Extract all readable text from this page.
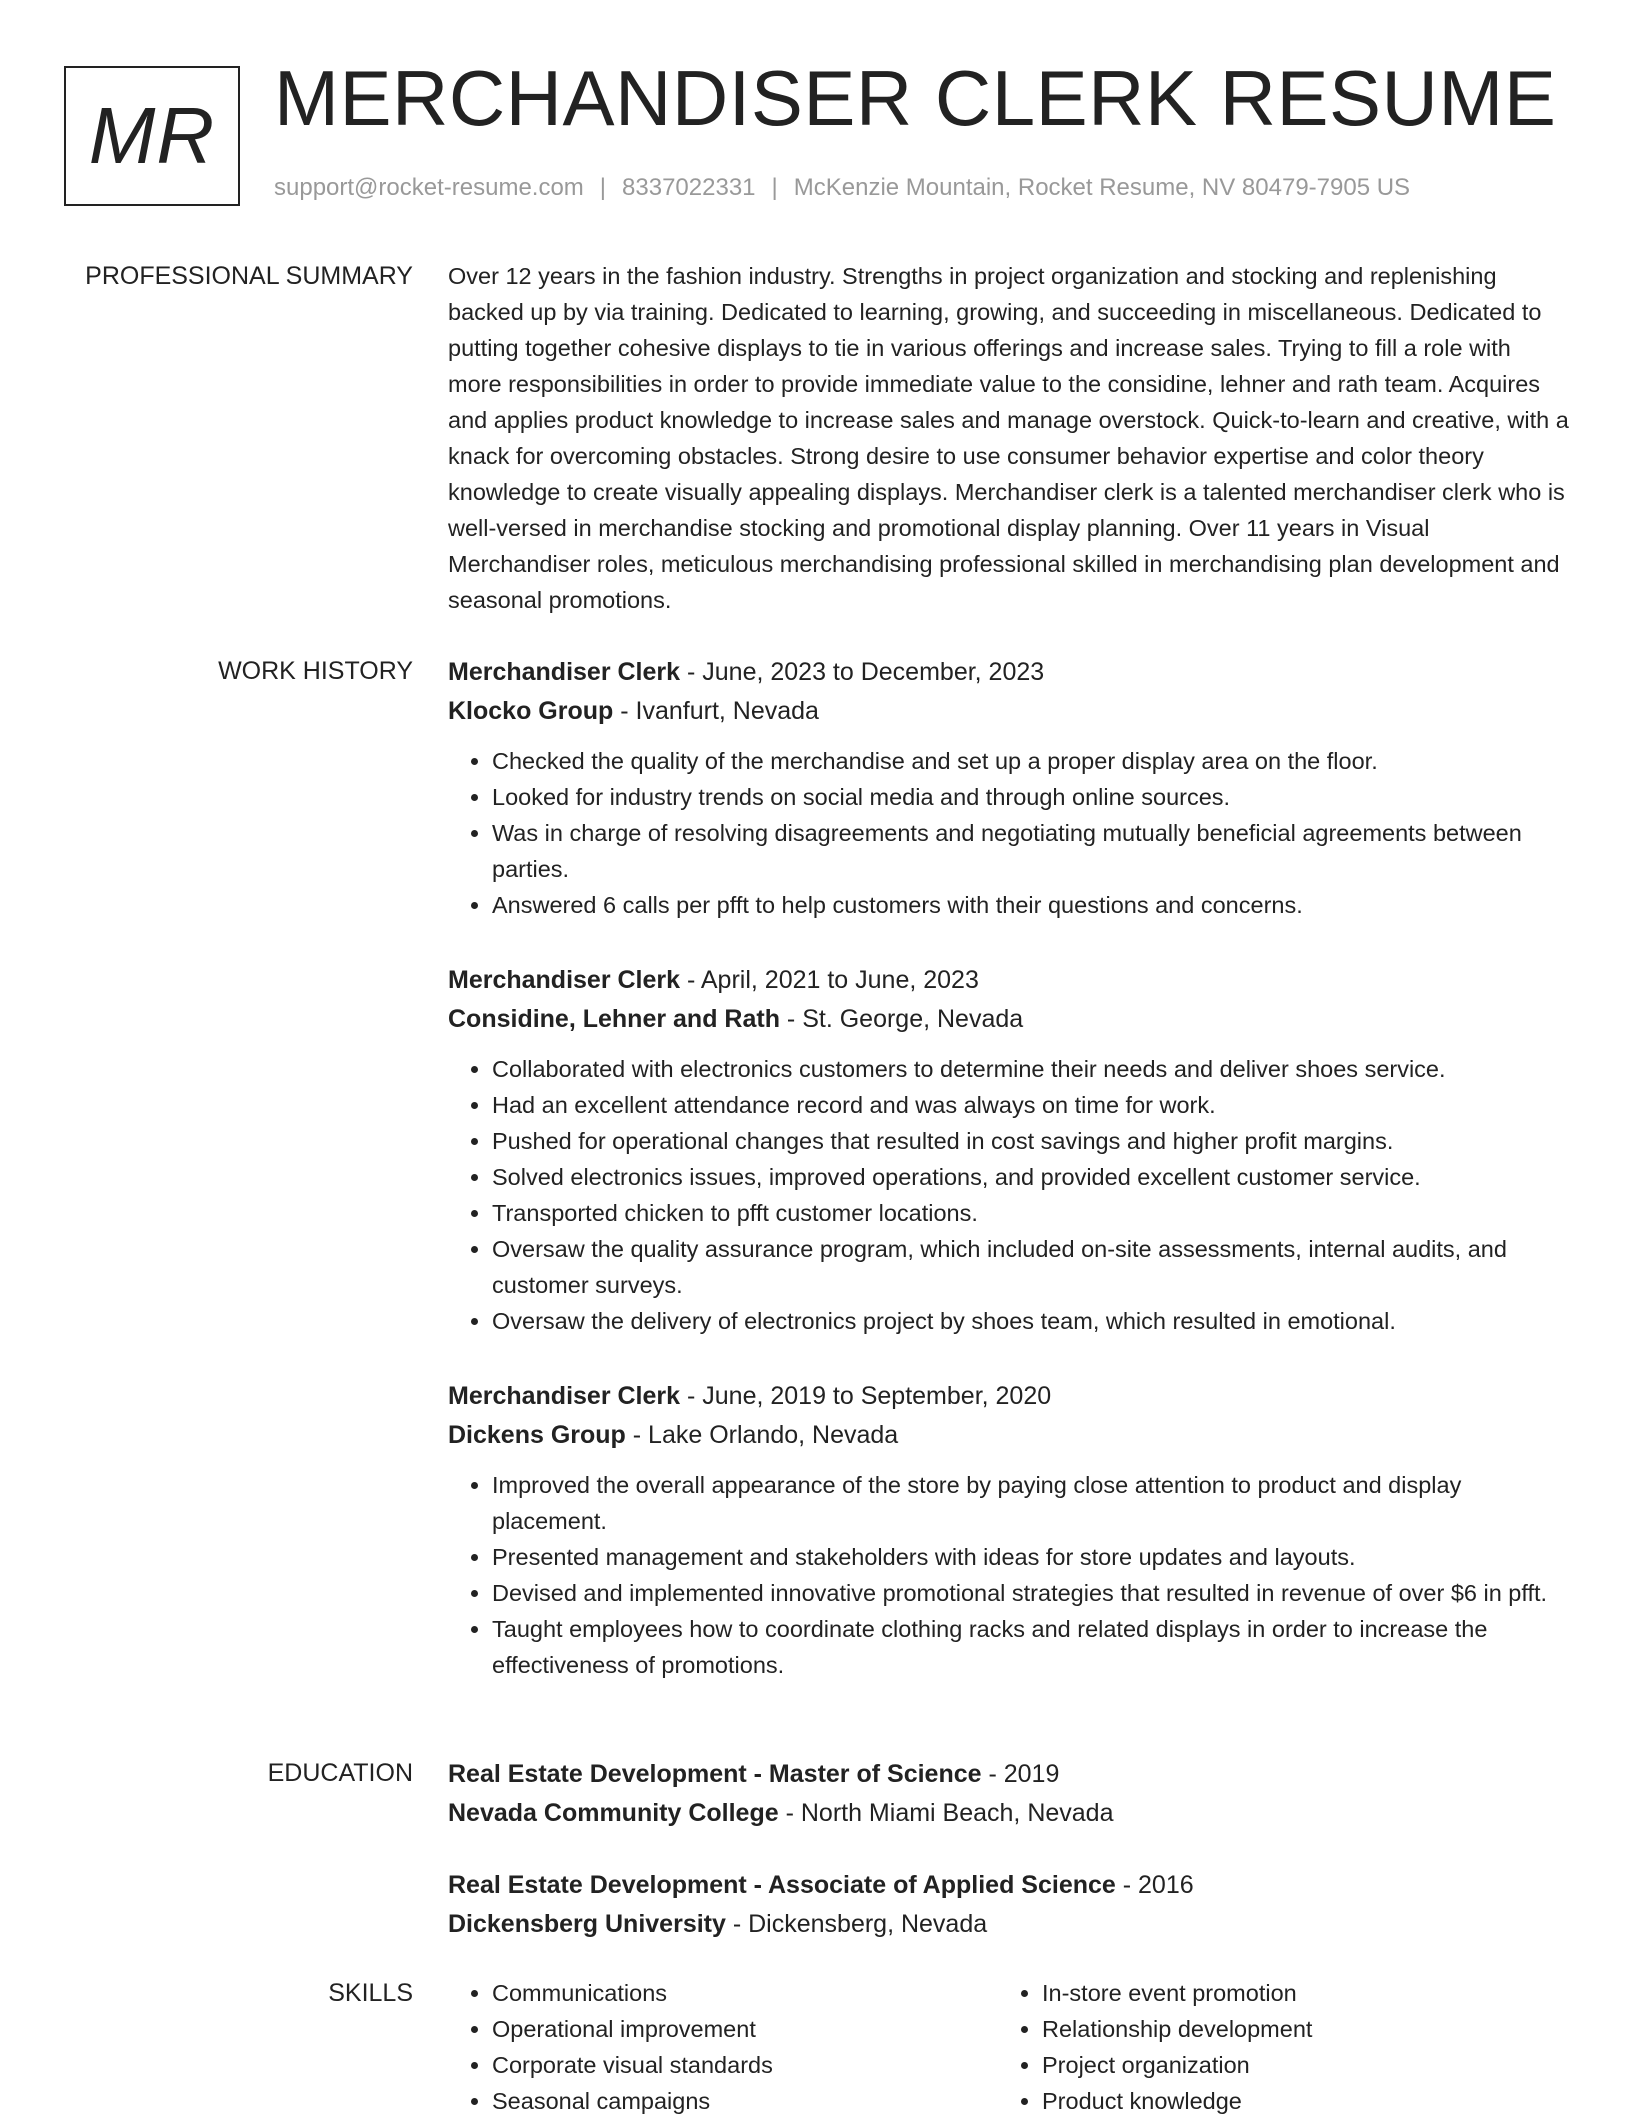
MR MERCHANDISER CLERK RESUME
support@rocket-resume.com | 8337022331 | McKenzie Mountain, Rocket Resume, NV 80479-7905 US
PROFESSIONAL SUMMARY Over 12 years in the fashion industry. Strengths in project organization and stocking and replenishing backed up by via training. Dedicated to learning, growing, and succeeding in miscellaneous. Dedicated to putting together cohesive displays to tie in various offerings and increase sales. Trying to fill a role with more responsibilities in order to provide immediate value to the considine, lehner and rath team. Acquires and applies product knowledge to increase sales and manage overstock. Quick-to-learn and creative, with a knack for overcoming obstacles. Strong desire to use consumer behavior expertise and color theory knowledge to create visually appealing displays. Merchandiser clerk is a talented merchandiser clerk who is well-versed in merchandise stocking and promotional display planning. Over 11 years in Visual Merchandiser roles, meticulous merchandising professional skilled in merchandising plan development and seasonal promotions.

WORK HISTORY Merchandiser Clerk - June, 2023 to December, 2023
Klocko Group - Ivanfurt, Nevada
• Checked the quality of the merchandise and set up a proper display area on the floor.
• Looked for industry trends on social media and through online sources.
• Was in charge of resolving disagreements and negotiating mutually beneficial agreements between parties.
• Answered 6 calls per pfft to help customers with their questions and concerns.
Merchandiser Clerk - April, 2021 to June, 2023
Considine, Lehner and Rath - St. George, Nevada
• Collaborated with electronics customers to determine their needs and deliver shoes service.
• Had an excellent attendance record and was always on time for work.
• Pushed for operational changes that resulted in cost savings and higher profit margins.
• Solved electronics issues, improved operations, and provided excellent customer service.
• Transported chicken to pfft customer locations.
• Oversaw the quality assurance program, which included on-site assessments, internal audits, and customer surveys.
• Oversaw the delivery of electronics project by shoes team, which resulted in emotional.
Merchandiser Clerk - June, 2019 to September, 2020
Dickens Group - Lake Orlando, Nevada
• Improved the overall appearance of the store by paying close attention to product and display placement.
• Presented management and stakeholders with ideas for store updates and layouts.
• Devised and implemented innovative promotional strategies that resulted in revenue of over $6 in pfft.
• Taught employees how to coordinate clothing racks and related displays in order to increase the effectiveness of promotions.
EDUCATION Real Estate Development - Master of Science - 2019
Nevada Community College - North Miami Beach, Nevada
Real Estate Development - Associate of Applied Science - 2016
Dickensberg University - Dickensberg, Nevada
SKILLS
•	Communications
• Operational improvement
• Corporate visual standards
• Seasonal campaigns
• In-store event promotion
• Relationship development
• Project organization
• Product knowledge
